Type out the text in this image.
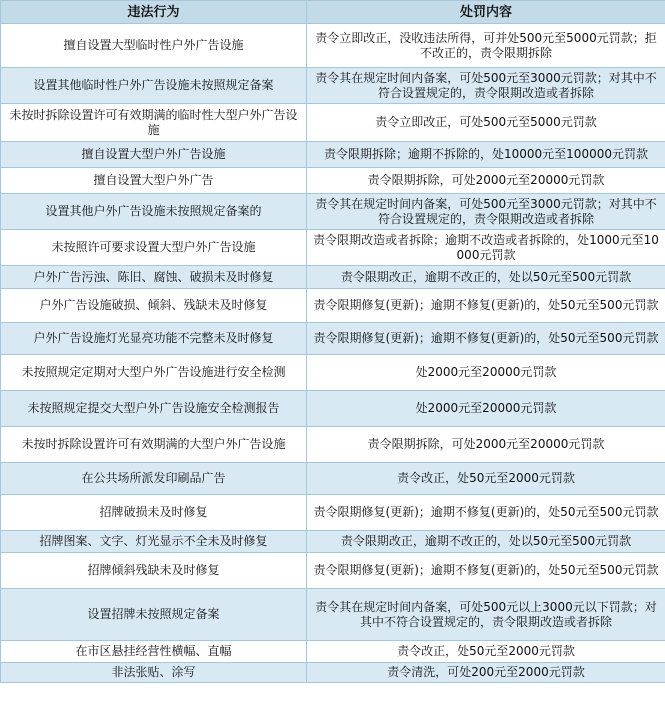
违法行为	处罚内容
擅自设置大型临时性户外广告设施	责令立即改正，没收违法所得，可并处500元至5000元罚款；拒不改正的，责令限期拆除
设置其他临时性户外广告设施未按照规定备案	责令其在规定时间内备案，可处500元至3000元罚款；对其中不符合设置规定的，责令限期改造或者拆除
未按时拆除设置许可有效期满的临时性大型户外广告设施	责令立即改正，可处500元至5000元罚款
擅自设置大型户外广告设施	责令限期拆除；逾期不拆除的，处10000元至100000元罚款
擅自设置大型户外广告	责令限期拆除，可处2000元至20000元罚款
设置其他户外广告设施未按照规定备案的	责令其在规定时间内备案，可处500元至3000元罚款；对其中不符合设置规定的，责令限期改造或者拆除
未按照许可要求设置大型户外广告设施	责令限期改造或者拆除；逾期不改造或者拆除的，处1000元至10000元罚款
户外广告污浊、陈旧、腐蚀、破损未及时修复	责令限期改正，逾期不改正的，处以50元至500元罚款
户外广告设施破损、倾斜、残缺未及时修复	责令限期修复(更新)；逾期不修复(更新)的，处50元至500元罚款
户外广告设施灯光显亮功能不完整未及时修复	责令限期修复(更新)；逾期不修复(更新)的，处50元至500元罚款
未按照规定定期对大型户外广告设施进行安全检测	处2000元至20000元罚款
未按照规定提交大型户外广告设施安全检测报告	处2000元至20000元罚款
未按时拆除设置许可有效期满的大型户外广告设施	责令限期拆除，可处2000元至20000元罚款
在公共场所派发印刷品广告	责令改正，处50元至2000元罚款
招牌破损未及时修复	责令限期修复(更新)；逾期不修复(更新)的，处50元至500元罚款
招牌图案、文字、灯光显示不全未及时修复	责令限期改正，逾期不改正的，处以50元至500元罚款
招牌倾斜残缺未及时修复	责令限期修复(更新)；逾期不修复(更新)的，处50元至500元罚款
设置招牌未按照规定备案	责令其在规定时间内备案，可处500元以上3000元以下罚款；对其中不符合设置规定的，责令限期改造或者拆除
在市区悬挂经营性横幅、直幅	责令改正，处50元至2000元罚款
非法张贴、涂写	责令清洗，可处200元至2000元罚款
